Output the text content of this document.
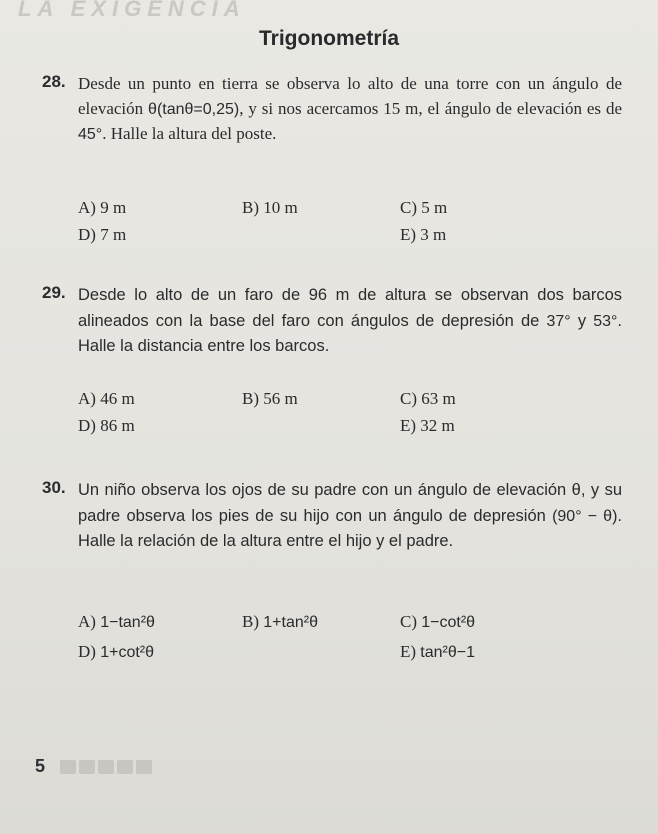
LA EXIGENCIA
Trigonometría
28. Desde un punto en tierra se observa lo alto de una torre con un ángulo de elevación θ(tanθ=0,25), y si nos acercamos 15 m, el ángulo de elevación es de 45°. Halle la altura del poste.
A) 9 m	B) 10 m	C) 5 m
D) 7 m	E) 3 m
29. Desde lo alto de un faro de 96 m de altura se observan dos barcos alineados con la base del faro con ángulos de depresión de 37° y 53°. Halle la distancia entre los barcos.
A) 46 m	B) 56 m	C) 63 m
D) 86 m	E) 32 m
30. Un niño observa los ojos de su padre con un ángulo de elevación θ, y su padre observa los pies de su hijo con un ángulo de depresión (90° − θ). Halle la relación de la altura entre el hijo y el padre.
A) 1−tan²θ	B) 1+tan²θ	C) 1−cot²θ
D) 1+cot²θ	E) tan²θ−1
5
